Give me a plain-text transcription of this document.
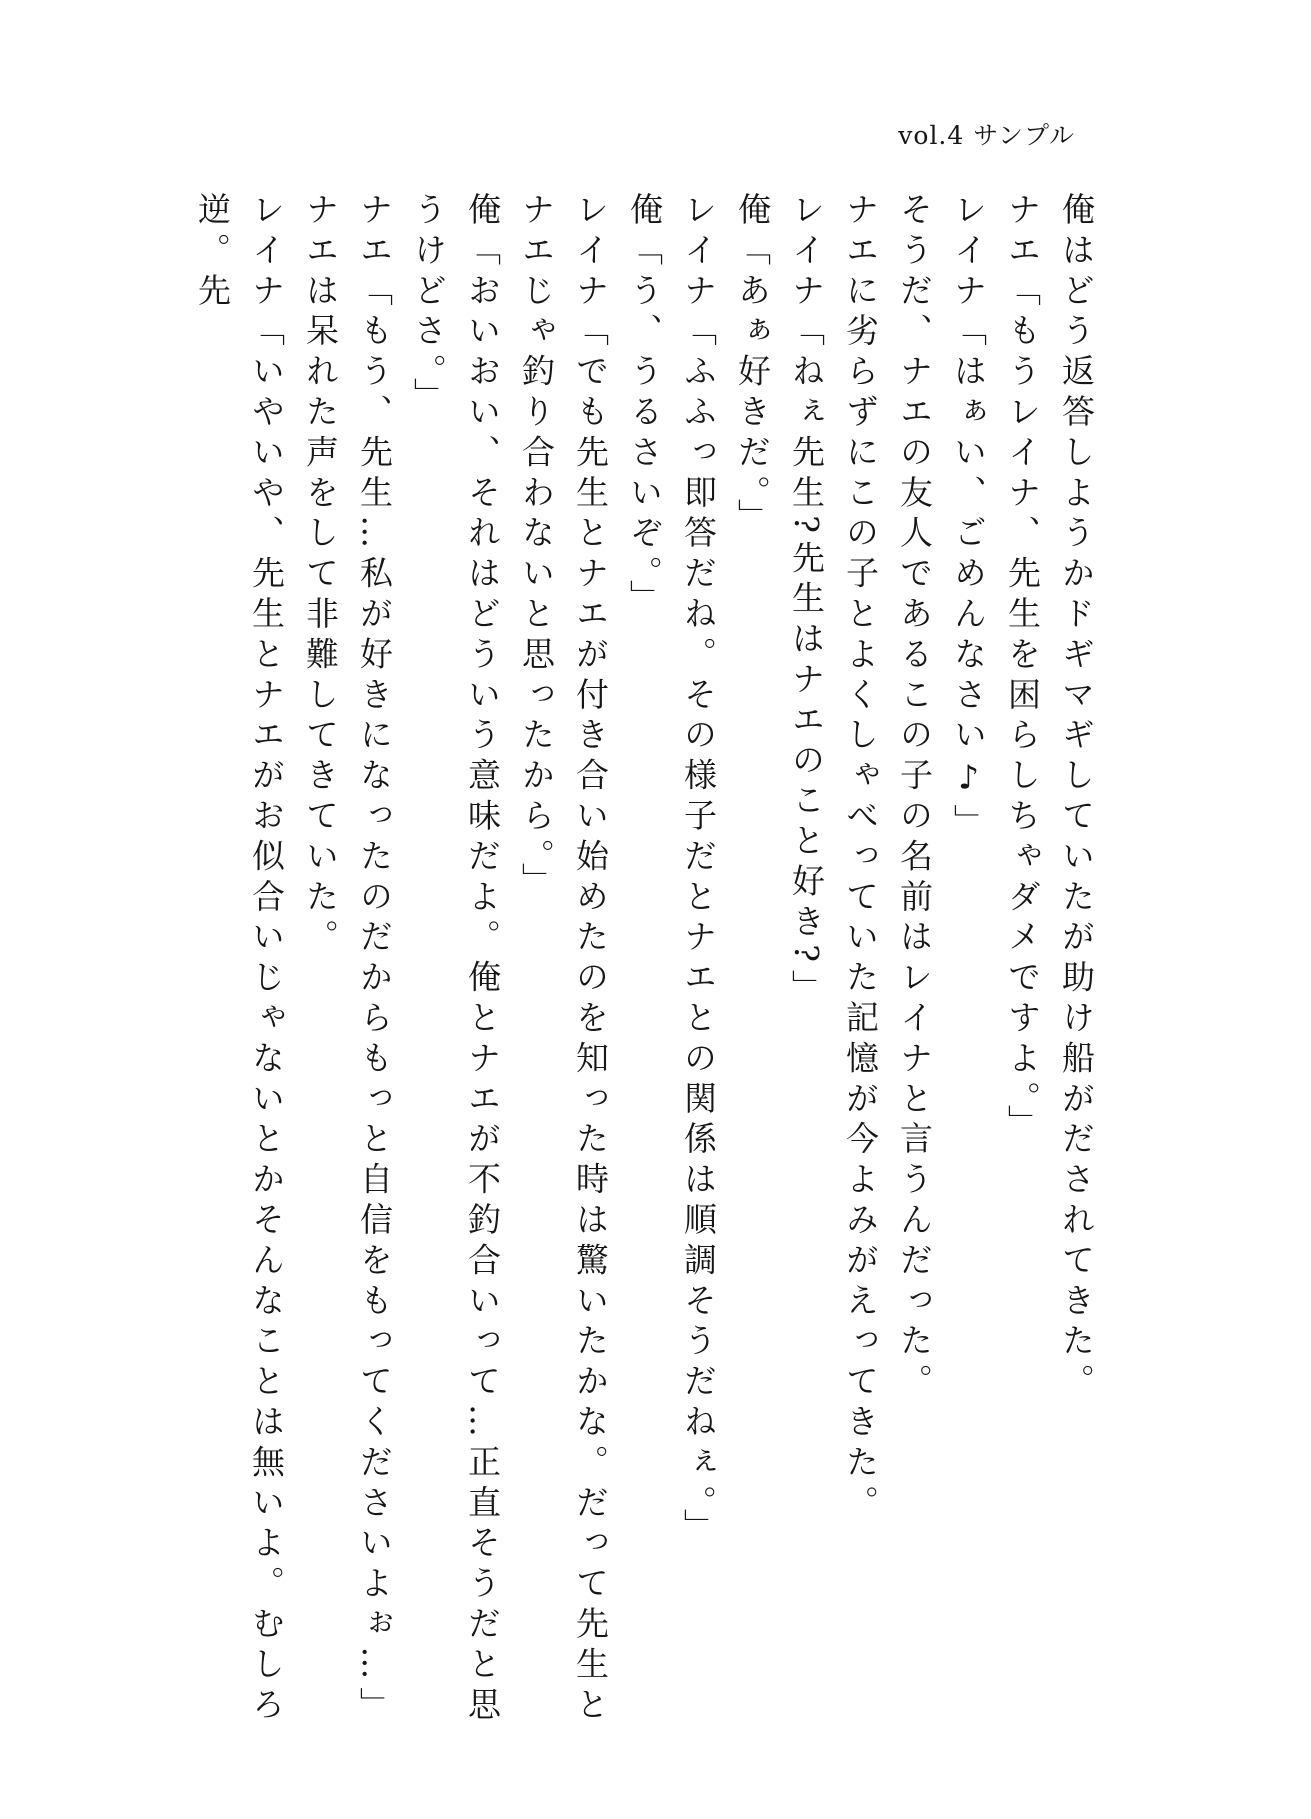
vol.4 サンプル
俺はどう返答しようかドギマギしていたが助け船がだされてきた。
ナエ「もうレイナ、先生を困らしちゃダメですよ。」
レイナ「はぁい、ごめんなさい♪」
そうだ、ナエの友人であるこの子の名前はレイナと言うんだった。
ナエに劣らずにこの子とよくしゃべっていた記憶が今よみがえってきた。
レイナ「ねぇ先生?先生はナエのこと好き?」
俺「あぁ好きだ。」
レイナ「ふふっ即答だね。その様子だとナエとの関係は順調そうだねぇ。」
俺「う、うるさいぞ。」
レイナ「でも先生とナエが付き合い始めたのを知った時は驚いたかな。だって先生とナエじゃ釣り合わないと思ったから。」
俺「おいおい、それはどういう意味だよ。俺とナエが不釣合いって…正直そうだと思うけどさ。」
ナエ「もう、先生…私が好きになったのだからもっと自信をもってくださいよぉ…」
ナエは呆れた声をして非難してきていた。
レイナ「いやいや、先生とナエがお似合いじゃないとかそんなことは無いよ。むしろ逆。先
